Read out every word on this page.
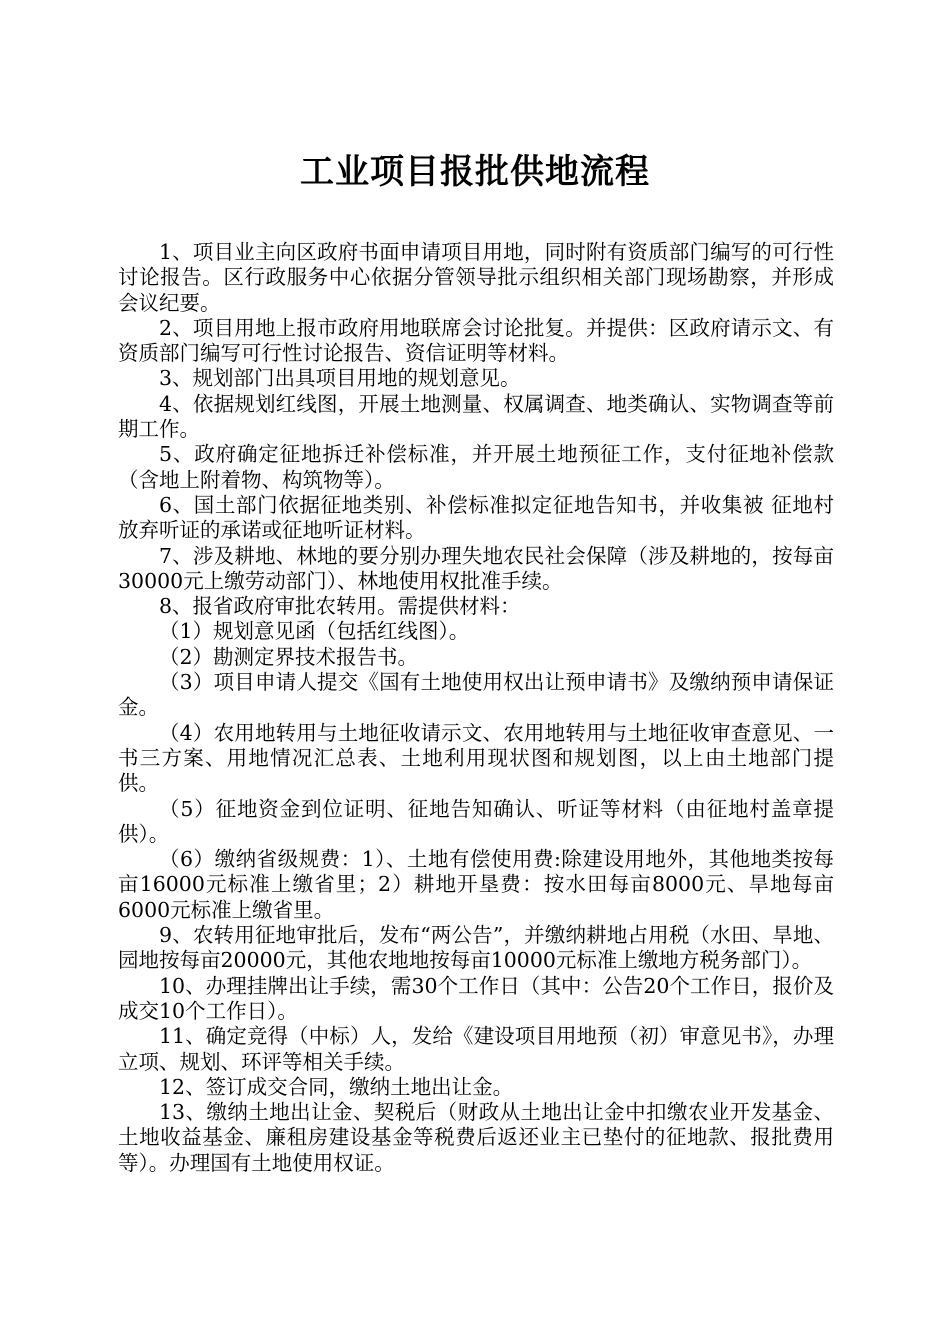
工业项目报批供地流程

1、项目业主向区政府书面申请项目用地，同时附有资质部门编写的可行性讨论报告。区行政服务中心依据分管领导批示组织相关部门现场勘察，并形成会议纪要。

2、项目用地上报市政府用地联席会讨论批复。并提供：区政府请示文、有资质部门编写可行性讨论报告、资信证明等材料。

3、规划部门出具项目用地的规划意见。

4、依据规划红线图，开展土地测量、权属调查、地类确认、实物调查等前期工作。

5、政府确定征地拆迁补偿标准，并开展土地预征工作，支付征地补偿款（含地上附着物、构筑物等）。

6、国土部门依据征地类别、补偿标准拟定征地告知书，并收集被 征地村放弃听证的承诺或征地听证材料。

7、涉及耕地、林地的要分别办理失地农民社会保障（涉及耕地的，按每亩30000元上缴劳动部门）、林地使用权批准手续。

8、报省政府审批农转用。需提供材料：

（1）规划意见函（包括红线图）。

（2）勘测定界技术报告书。

（3）项目申请人提交《国有土地使用权出让预申请书》及缴纳预申请保证金。

（4）农用地转用与土地征收请示文、农用地转用与土地征收审查意见、一书三方案、用地情况汇总表、土地利用现状图和规划图，以上由土地部门提供。

（5）征地资金到位证明、征地告知确认、听证等材料（由征地村盖章提供）。

（6）缴纳省级规费：1）、土地有偿使用费:除建设用地外，其他地类按每亩16000元标准上缴省里；2）耕地开垦费：按水田每亩8000元、旱地每亩6000元标准上缴省里。

9、农转用征地审批后，发布“两公告”，并缴纳耕地占用税（水田、旱地、园地按每亩20000元，其他农地地按每亩10000元标准上缴地方税务部门）。

10、办理挂牌出让手续，需30个工作日（其中：公告20个工作日，报价及成交10个工作日）。

11、确定竞得（中标）人，发给《建设项目用地预（初）审意见书》，办理立项、规划、环评等相关手续。

12、签订成交合同，缴纳土地出让金。

13、缴纳土地出让金、契税后（财政从土地出让金中扣缴农业开发基金、土地收益基金、廉租房建设基金等税费后返还业主已垫付的征地款、报批费用等）。办理国有土地使用权证。
